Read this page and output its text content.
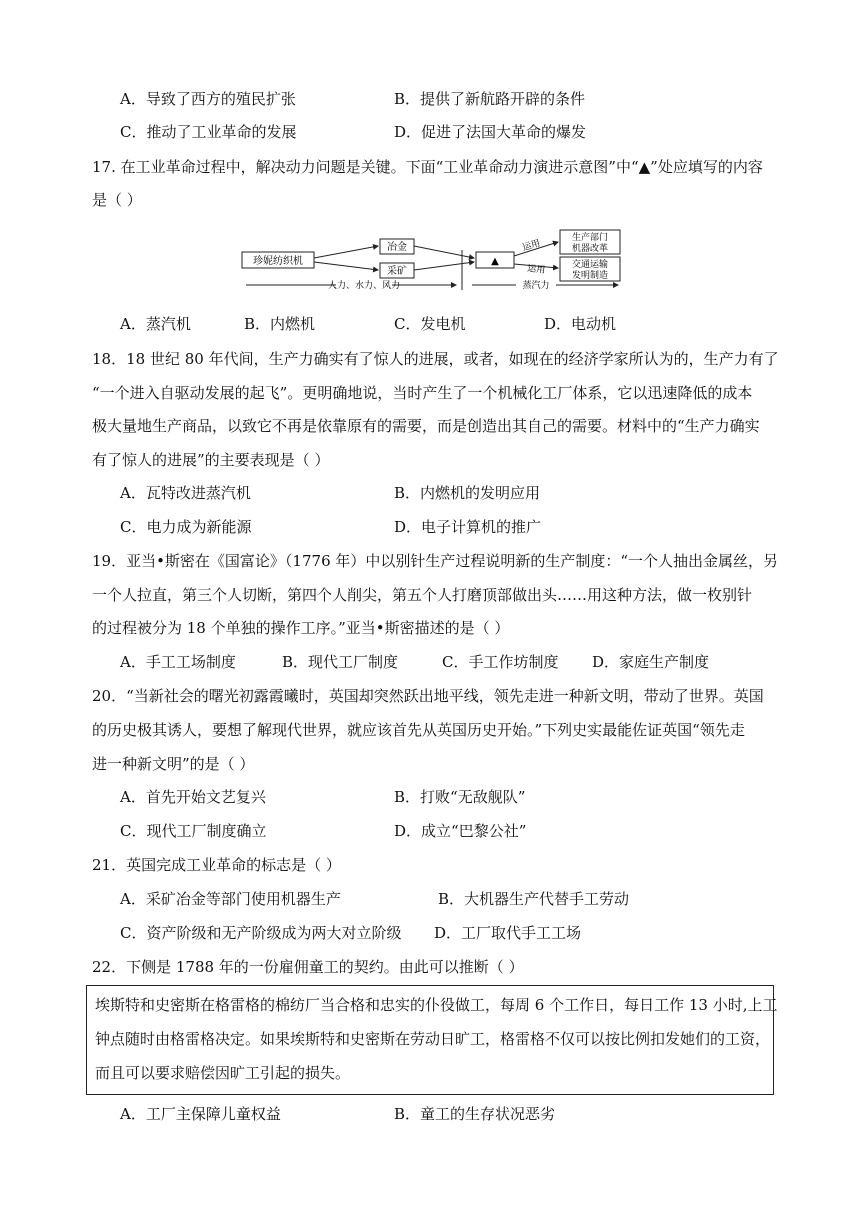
A．导致了西方的殖民扩张	B．提供了新航路开辟的条件
C．推动了工业革命的发展	D．促进了法国大革命的爆发
17. 在工业革命过程中，解决动力问题是关键。下面“工业革命动力演进示意图”中“▲”处应填写的内容
是（ ）
珍妮纺织机
冶金
采矿
▲
运用
运用
生产部门
机器改革
交通运输
发明制造
人力、水力、风力	蒸汽力
A．蒸汽机	B．内燃机	C．发电机	D．电动机
18．18 世纪 80 年代间，生产力确实有了惊人的进展，或者，如现在的经济学家所认为的，生产力有了
“一个进入自驱动发展的起飞”。更明确地说，当时产生了一个机械化工厂体系，它以迅速降低的成本
极大量地生产商品，以致它不再是依靠原有的需要，而是创造出其自己的需要。材料中的“生产力确实
有了惊人的进展”的主要表现是（ ）
A．瓦特改进蒸汽机	B．内燃机的发明应用
C．电力成为新能源	D．电子计算机的推广
19．亚当•斯密在《国富论》（1776 年）中以别针生产过程说明新的生产制度：“一个人抽出金属丝，另
一个人拉直，第三个人切断，第四个人削尖，第五个人打磨顶部做出头……用这种方法，做一枚别针
的过程被分为 18 个单独的操作工序。”亚当•斯密描述的是（ ）
A．手工工场制度	B．现代工厂制度	C．手工作坊制度 D．家庭生产制度
20．“当新社会的曙光初露霞曦时，英国却突然跃出地平线，领先走进一种新文明，带动了世界。英国
的历史极其诱人，要想了解现代世界，就应该首先从英国历史开始。”下列史实最能佐证英国“领先走
进一种新文明”的是（ ）
A．首先开始文艺复兴	B．打败“无敌舰队”
C．现代工厂制度确立	D．成立“巴黎公社”
21．英国完成工业革命的标志是（ ）
A．采矿冶金等部门使用机器生产	B．大机器生产代替手工劳动
C．资产阶级和无产阶级成为两大对立阶级 D．工厂取代手工工场
22．下侧是 1788 年的一份雇佣童工的契约。由此可以推断（ ）
埃斯特和史密斯在格雷格的棉纺厂当合格和忠实的仆役做工，每周 6 个工作日，每日工作 13 小时,上工
钟点随时由格雷格决定。如果埃斯特和史密斯在劳动日旷工，格雷格不仅可以按比例扣发她们的工资，
而且可以要求赔偿因旷工引起的损失。
A．工厂主保障儿童权益	B．童工的生存状况恶劣
